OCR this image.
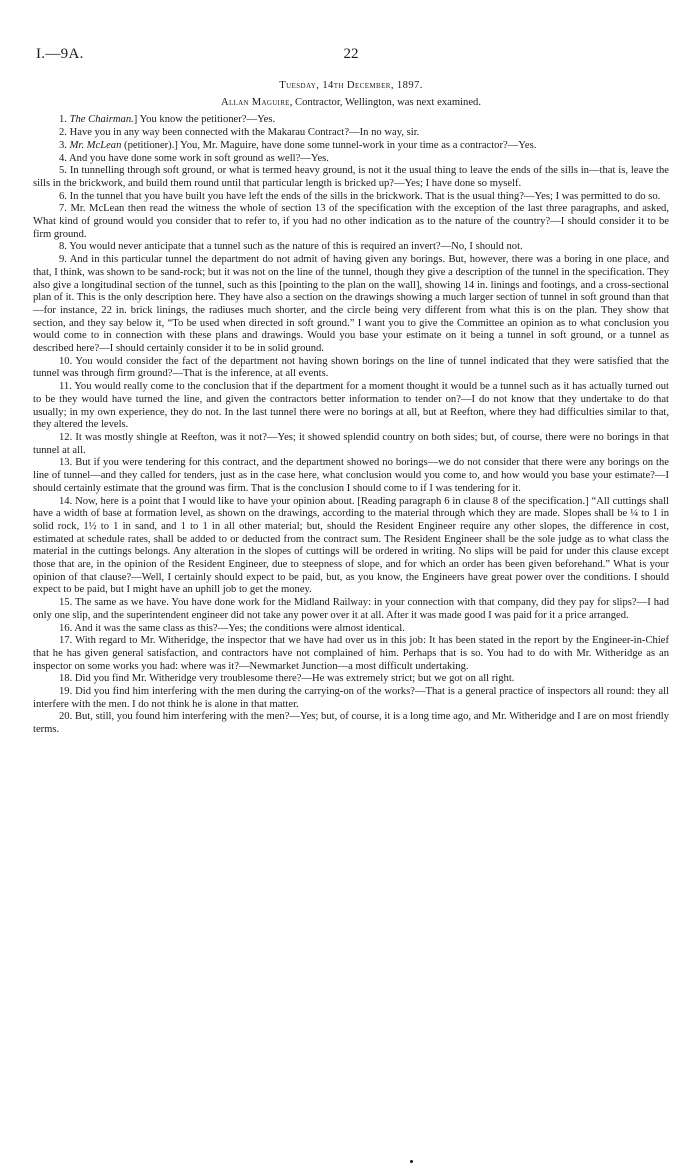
I.—9A.	22

Tuesday, 14th December, 1897.

Allan Maguire, Contractor, Wellington, was next examined.

1. The Chairman.] You know the petitioner?—Yes.

2. Have you in any way been connected with the Makarau Contract?—In no way, sir.

3. Mr. McLean (petitioner).] You, Mr. Maguire, have done some tunnel-work in your time as a contractor?—Yes.

4. And you have done some work in soft ground as well?—Yes.

5. In tunnelling through soft ground, or what is termed heavy ground, is not it the usual thing to leave the ends of the sills in—that is, leave the sills in the brickwork, and build them round until that particular length is bricked up?—Yes; I have done so myself.

6. In the tunnel that you have built you have left the ends of the sills in the brickwork. That is the usual thing?—Yes; I was permitted to do so.

7. Mr. McLean then read the witness the whole of section 13 of the specification with the exception of the last three paragraphs, and asked, What kind of ground would you consider that to refer to, if you had no other indication as to the nature of the country?—I should consider it to be firm ground.

8. You would never anticipate that a tunnel such as the nature of this is required an invert?—No, I should not.

9. And in this particular tunnel the department do not admit of having given any borings. But, however, there was a boring in one place, and that, I think, was shown to be sand-rock; but it was not on the line of the tunnel, though they give a description of the tunnel in the specification. They also give a longitudinal section of the tunnel, such as this [pointing to the plan on the wall], showing 14 in. linings and footings, and a cross-sectional plan of it. This is the only description here. They have also a section on the drawings showing a much larger section of tunnel in soft ground than that—for instance, 22 in. brick linings, the radiuses much shorter, and the circle being very different from what this is on the plan. They show that section, and they say below it, “To be used when directed in soft ground.” I want you to give the Committee an opinion as to what conclusion you would come to in connection with these plans and drawings. Would you base your estimate on it being a tunnel in soft ground, or a tunnel as described here?—I should certainly consider it to be in solid ground.

10. You would consider the fact of the department not having shown borings on the line of tunnel indicated that they were satisfied that the tunnel was through firm ground?—That is the inference, at all events.

11. You would really come to the conclusion that if the department for a moment thought it would be a tunnel such as it has actually turned out to be they would have turned the line, and given the contractors better information to tender on?—I do not know that they undertake to do that usually; in my own experience, they do not. In the last tunnel there were no borings at all, but at Reefton, where they had difficulties similar to that, they altered the levels.

12. It was mostly shingle at Reefton, was it not?—Yes; it showed splendid country on both sides; but, of course, there were no borings in that tunnel at all.

13. But if you were tendering for this contract, and the department showed no borings—we do not consider that there were any borings on the line of tunnel—and they called for tenders, just as in the case here, what conclusion would you come to, and how would you base your estimate?—I should certainly estimate that the ground was firm. That is the conclusion I should come to if I was tendering for it.

14. Now, here is a point that I would like to have your opinion about. [Reading paragraph 6 in clause 8 of the specification.] “All cuttings shall have a width of base at formation level, as shown on the drawings, according to the material through which they are made. Slopes shall be ¼ to 1 in solid rock, 1½ to 1 in sand, and 1 to 1 in all other material; but, should the Resident Engineer require any other slopes, the difference in cost, estimated at schedule rates, shall be added to or deducted from the contract sum. The Resident Engineer shall be the sole judge as to what class the material in the cuttings belongs. Any alteration in the slopes of cuttings will be ordered in writing. No slips will be paid for under this clause except those that are, in the opinion of the Resident Engineer, due to steepness of slope, and for which an order has been given beforehand.” What is your opinion of that clause?—Well, I certainly should expect to be paid, but, as you know, the Engineers have great power over the conditions. I should expect to be paid, but I might have an uphill job to get the money.

15. The same as we have. You have done work for the Midland Railway: in your connection with that company, did they pay for slips?—I had only one slip, and the superintendent engineer did not take any power over it at all. After it was made good I was paid for it a price arranged.

16. And it was the same class as this?—Yes; the conditions were almost identical.

17. With regard to Mr. Witheridge, the inspector that we have had over us in this job: It has been stated in the report by the Engineer-in-Chief that he has given general satisfaction, and contractors have not complained of him. Perhaps that is so. You had to do with Mr. Witheridge as an inspector on some works you had: where was it?—Newmarket Junction—a most difficult undertaking.

18. Did you find Mr. Witheridge very troublesome there?—He was extremely strict; but we got on all right.

19. Did you find him interfering with the men during the carrying-on of the works?—That is a general practice of inspectors all round: they all interfere with the men. I do not think he is alone in that matter.

20. But, still, you found him interfering with the men?—Yes; but, of course, it is a long time ago, and Mr. Witheridge and I are on most friendly terms.
